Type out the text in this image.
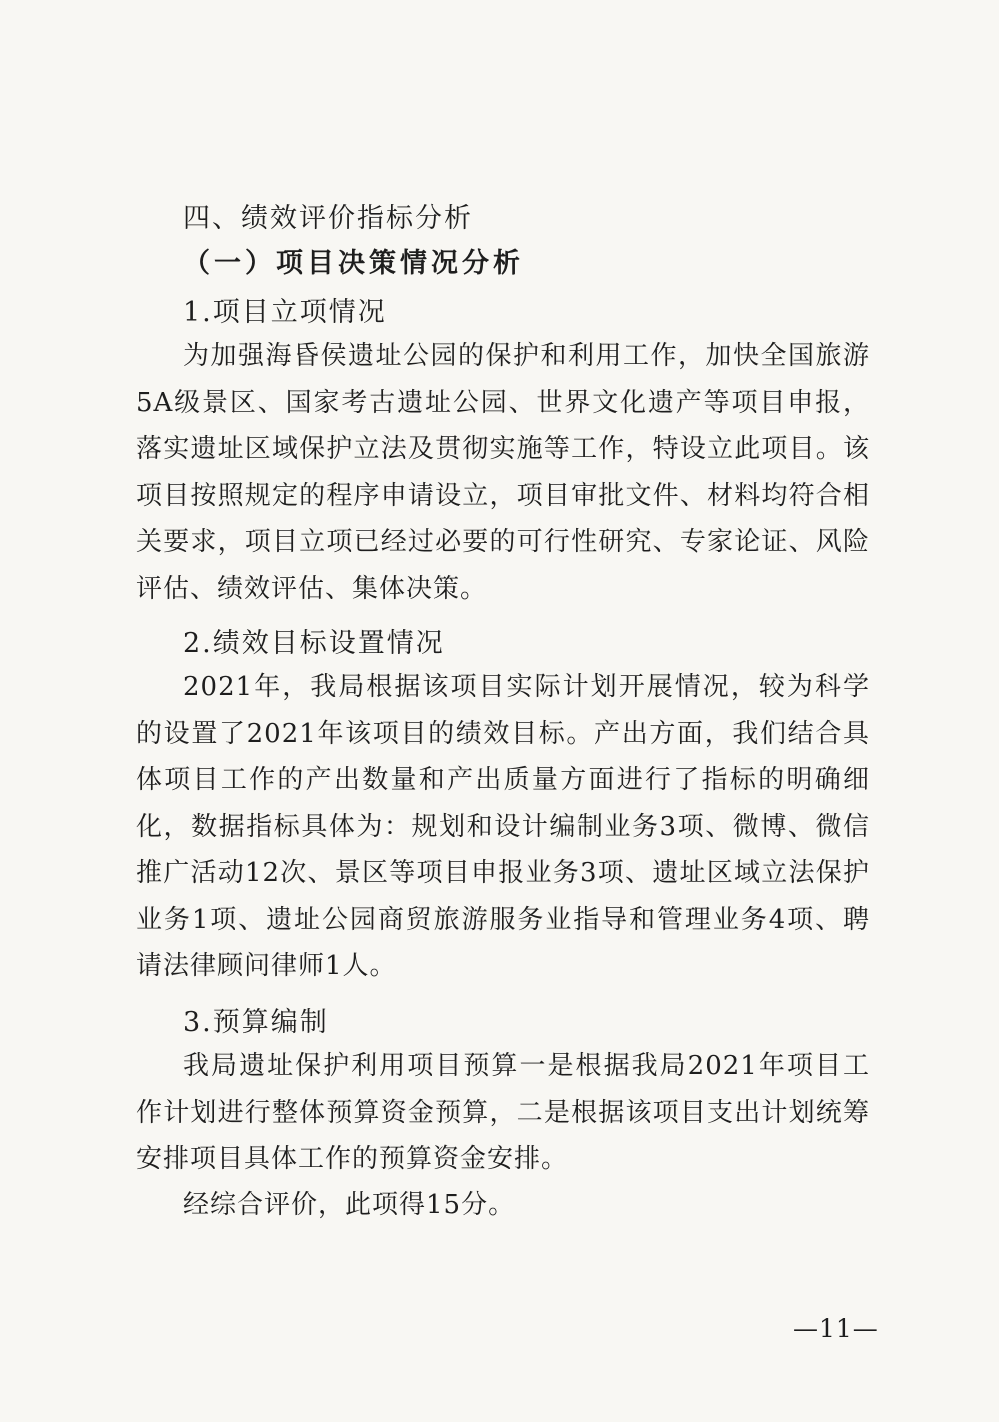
四、绩效评价指标分析
（一）项目决策情况分析
1.项目立项情况
为加强海昏侯遗址公园的保护和利用工作，加快全国旅游5A级景区、国家考古遗址公园、世界文化遗产等项目申报，落实遗址区域保护立法及贯彻实施等工作，特设立此项目。该项目按照规定的程序申请设立，项目审批文件、材料均符合相关要求，项目立项已经过必要的可行性研究、专家论证、风险评估、绩效评估、集体决策。
2.绩效目标设置情况
2021年，我局根据该项目实际计划开展情况，较为科学的设置了2021年该项目的绩效目标。产出方面，我们结合具体项目工作的产出数量和产出质量方面进行了指标的明确细化，数据指标具体为：规划和设计编制业务3项、微博、微信推广活动12次、景区等项目申报业务3项、遗址区域立法保护业务1项、遗址公园商贸旅游服务业指导和管理业务4项、聘请法律顾问律师1人。
3.预算编制
我局遗址保护利用项目预算一是根据我局2021年项目工作计划进行整体预算资金预算，二是根据该项目支出计划统筹安排项目具体工作的预算资金安排。
经综合评价，此项得15分。
—11—
